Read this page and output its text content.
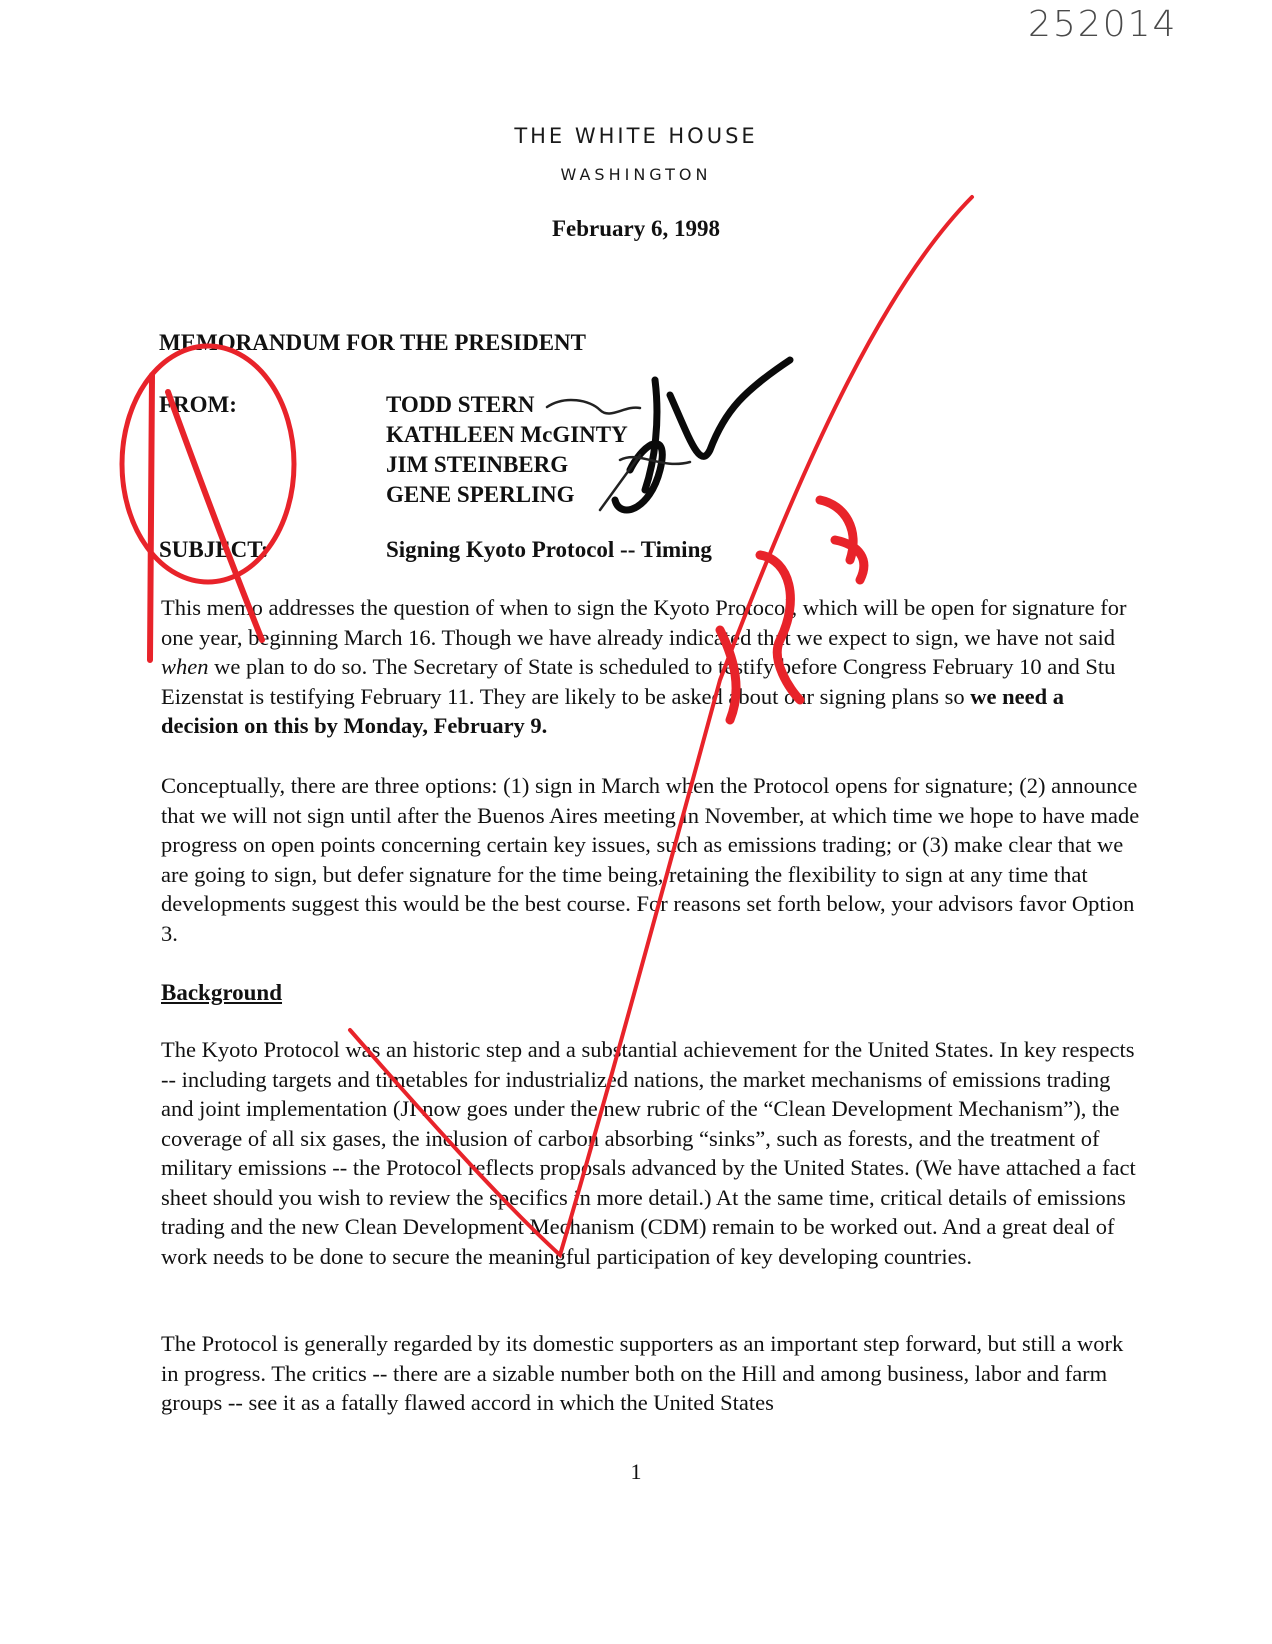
252014
THE WHITE HOUSE
WASHINGTON
February 6, 1998
MEMORANDUM FOR THE PRESIDENT
FROM:	TODD STERN
KATHLEEN McGINTY
JIM STEINBERG
GENE SPERLING
SUBJECT:	Signing Kyoto Protocol -- Timing

This memo addresses the question of when to sign the Kyoto Protocol, which will be open for signature for one year, beginning March 16. Though we have already indicated that we expect to sign, we have not said when we plan to do so. The Secretary of State is scheduled to testify before Congress February 10 and Stu Eizenstat is testifying February 11. They are likely to be asked about our signing plans so we need a decision on this by Monday, February 9.

Conceptually, there are three options: (1) sign in March when the Protocol opens for signature; (2) announce that we will not sign until after the Buenos Aires meeting in November, at which time we hope to have made progress on open points concerning certain key issues, such as emissions trading; or (3) make clear that we are going to sign, but defer signature for the time being, retaining the flexibility to sign at any time that developments suggest this would be the best course. For reasons set forth below, your advisors favor Option 3.

Background

The Kyoto Protocol was an historic step and a substantial achievement for the United States. In key respects -- including targets and timetables for industrialized nations, the market mechanisms of emissions trading and joint implementation (JI now goes under the new rubric of the “Clean Development Mechanism”), the coverage of all six gases, the inclusion of carbon absorbing “sinks”, such as forests, and the treatment of military emissions -- the Protocol reflects proposals advanced by the United States. (We have attached a fact sheet should you wish to review the specifics in more detail.) At the same time, critical details of emissions trading and the new Clean Development Mechanism (CDM) remain to be worked out. And a great deal of work needs to be done to secure the meaningful participation of key developing countries.

The Protocol is generally regarded by its domestic supporters as an important step forward, but still a work in progress. The critics -- there are a sizable number both on the Hill and among business, labor and farm groups -- see it as a fatally flawed accord in which the United States

1
